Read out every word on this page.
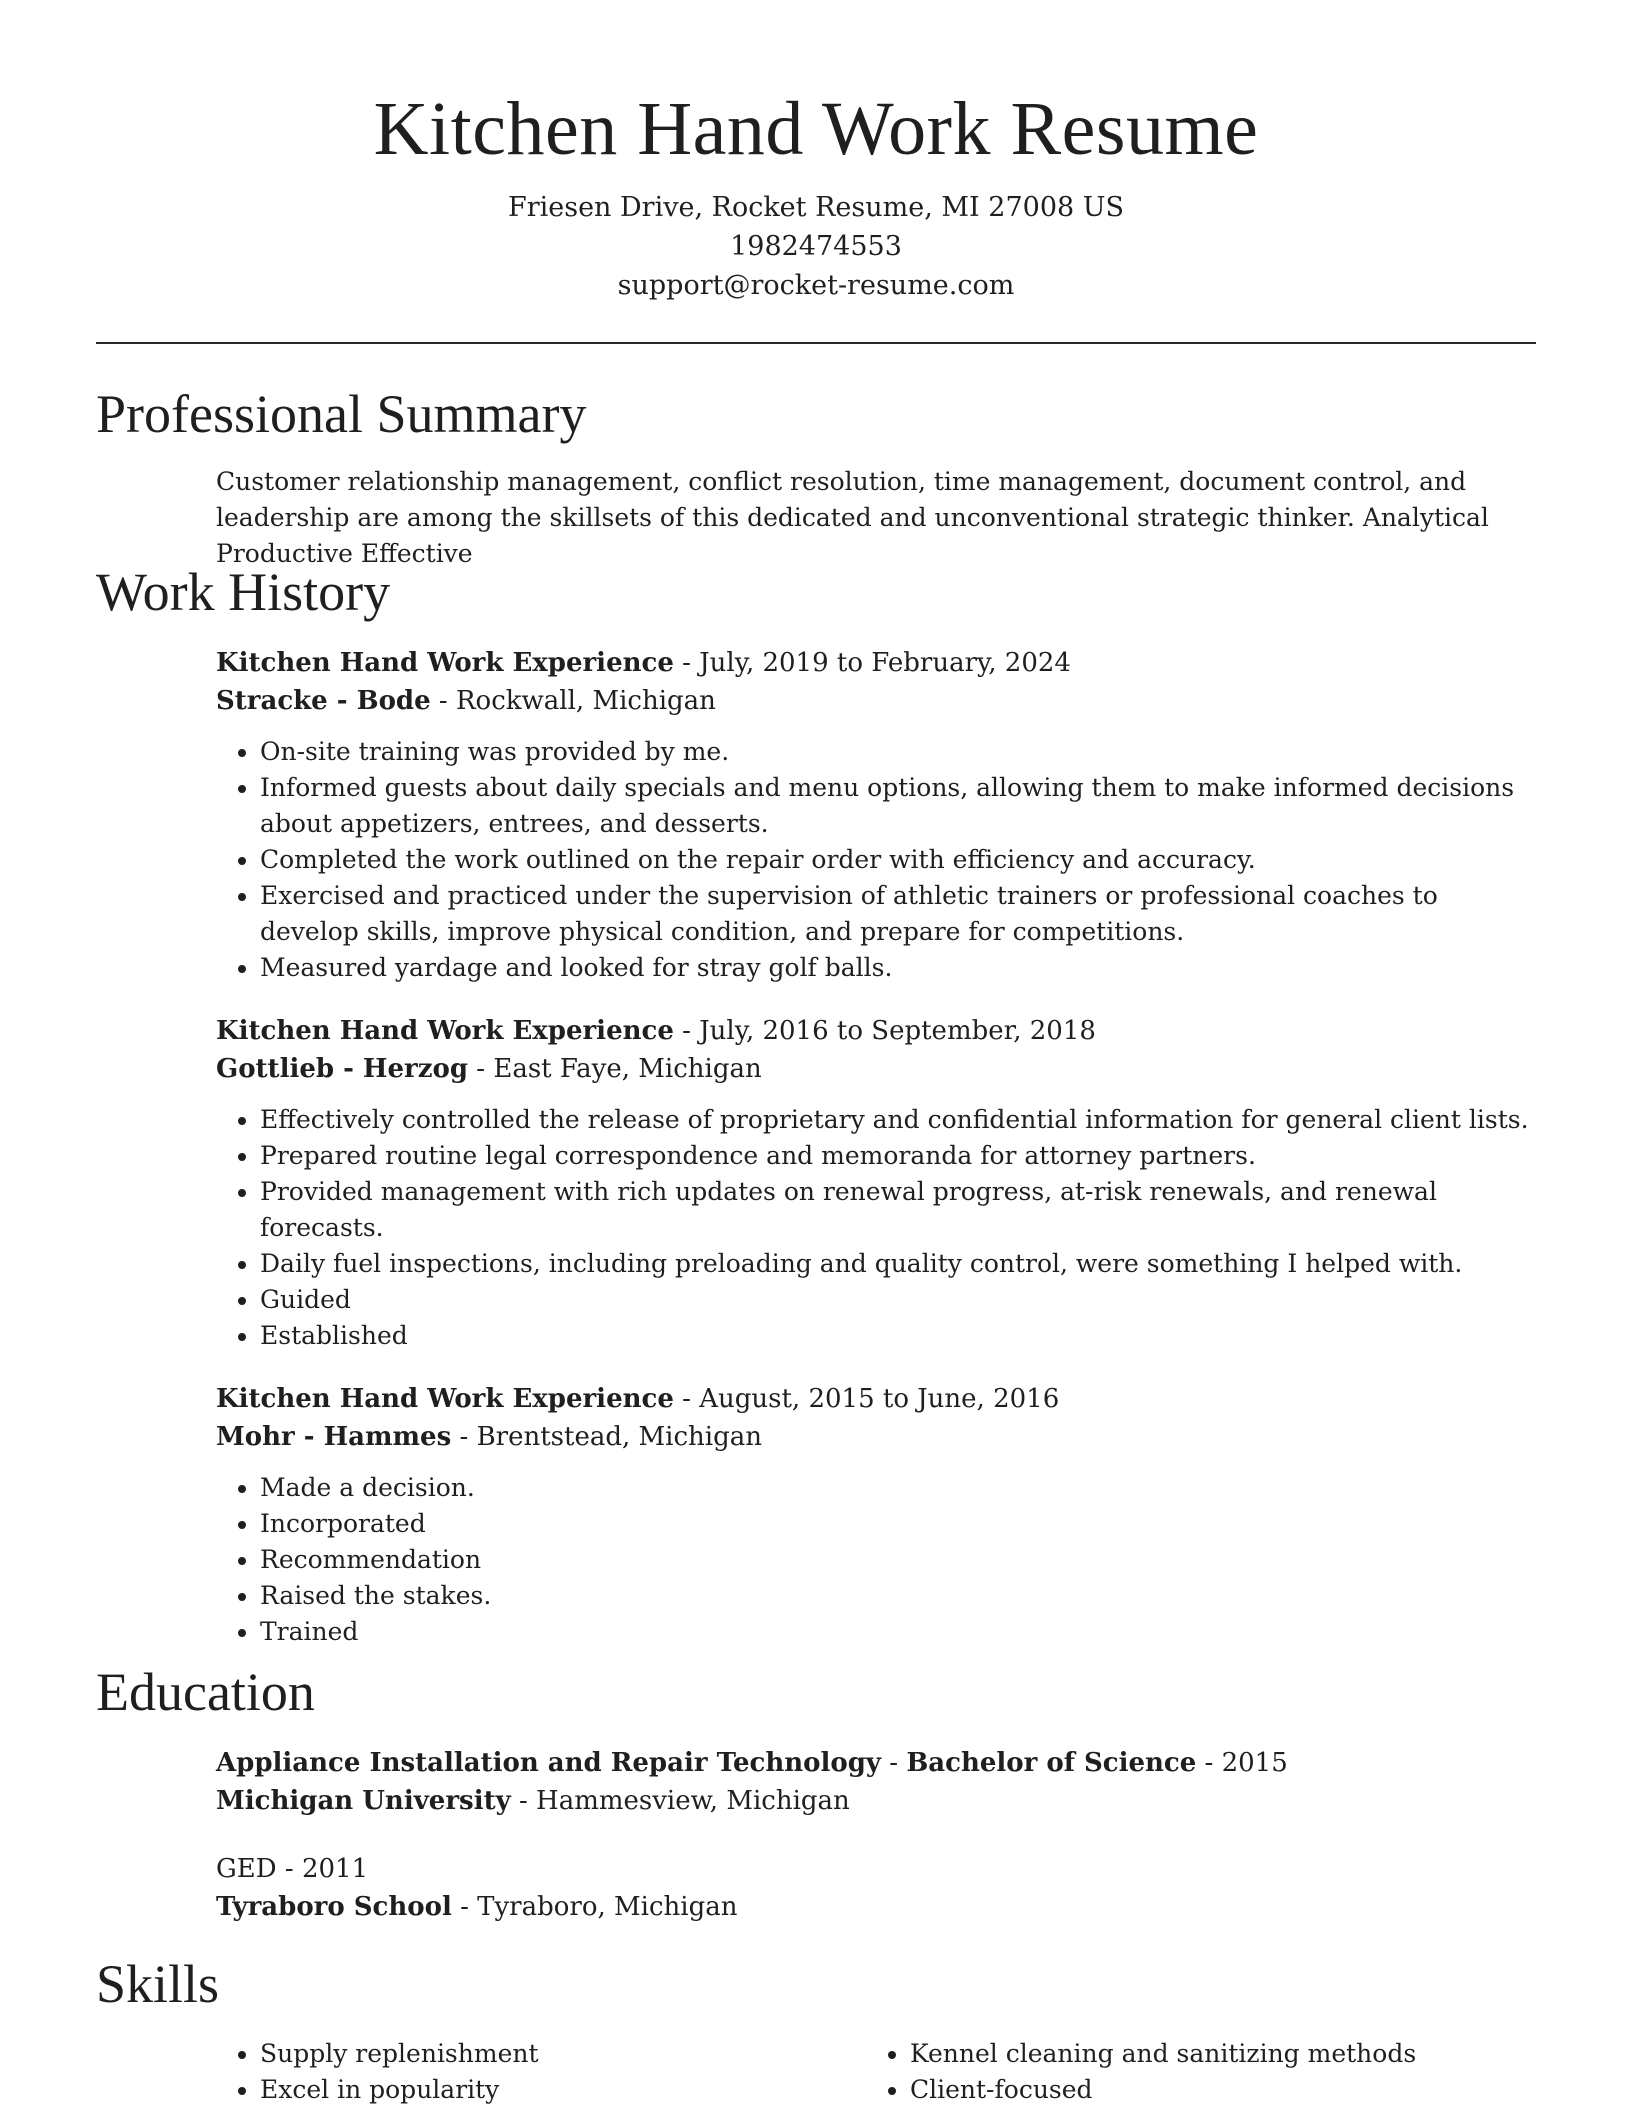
Kitchen Hand Work Resume
Friesen Drive, Rocket Resume, MI 27008 US
1982474553
support@rocket-resume.com
Professional Summary
Customer relationship management, conflict resolution, time management, document control, and leadership are among the skillsets of this dedicated and unconventional strategic thinker. Analytical Productive Effective
Work History
Kitchen Hand Work Experience - July, 2019 to February, 2024
Stracke - Bode - Rockwall, Michigan
• On-site training was provided by me.
• Informed guests about daily specials and menu options, allowing them to make informed decisions about appetizers, entrees, and desserts.
• Completed the work outlined on the repair order with efficiency and accuracy.
• Exercised and practiced under the supervision of athletic trainers or professional coaches to develop skills, improve physical condition, and prepare for competitions.
• Measured yardage and looked for stray golf balls.
Kitchen Hand Work Experience - July, 2016 to September, 2018
Gottlieb - Herzog - East Faye, Michigan
• Effectively controlled the release of proprietary and confidential information for general client lists.
• Prepared routine legal correspondence and memoranda for attorney partners.
• Provided management with rich updates on renewal progress, at-risk renewals, and renewal forecasts.
• Daily fuel inspections, including preloading and quality control, were something I helped with.
• Guided
• Established
Kitchen Hand Work Experience - August, 2015 to June, 2016
Mohr - Hammes - Brentstead, Michigan
• Made a decision.
• Incorporated
• Recommendation
• Raised the stakes.
• Trained
Education
Appliance Installation and Repair Technology - Bachelor of Science - 2015
Michigan University - Hammesview, Michigan
GED - 2011
Tyraboro School - Tyraboro, Michigan
Skills
• Supply replenishment
• Excel in popularity
• Kennel cleaning and sanitizing methods
• Client-focused
